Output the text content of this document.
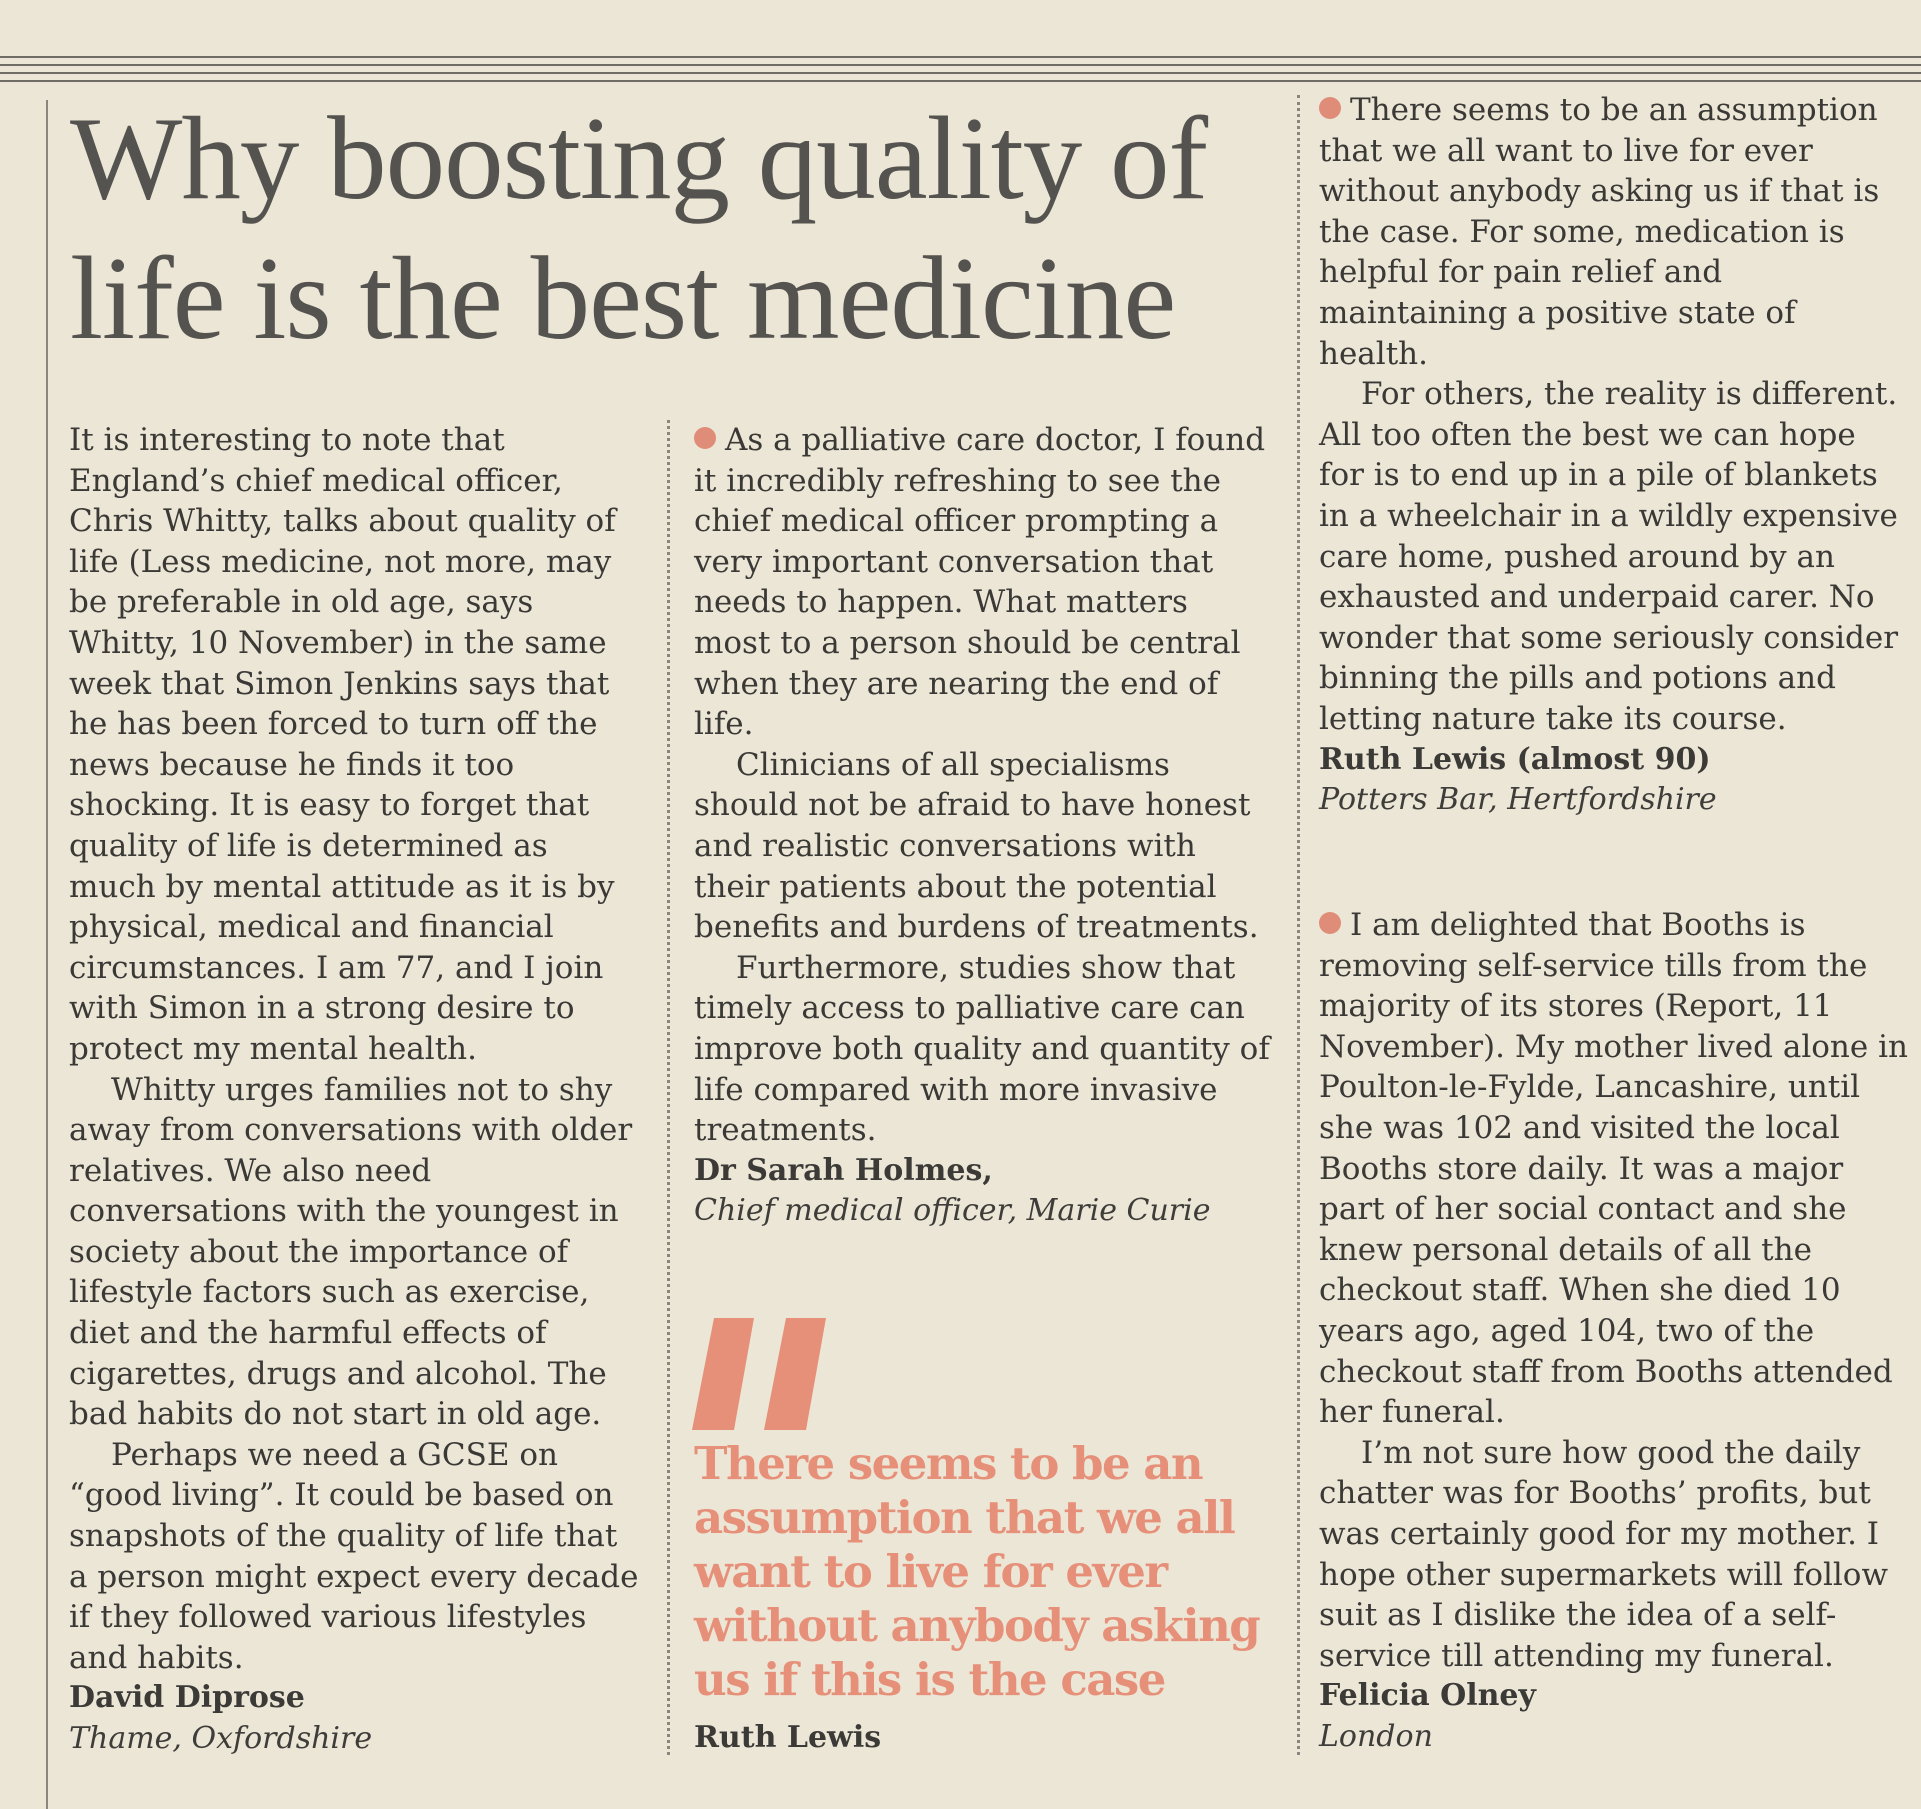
Why boosting quality of life is the best medicine

It is interesting to note that England’s chief medical officer, Chris Whitty, talks about quality of life (Less medicine, not more, may be preferable in old age, says Whitty, 10 November) in the same week that Simon Jenkins says that he has been forced to turn off the news because he finds it too shocking. It is easy to forget that quality of life is determined as much by mental attitude as it is by physical, medical and financial circumstances. I am 77, and I join with Simon in a strong desire to protect my mental health.

Whitty urges families not to shy away from conversations with older relatives. We also need conversations with the youngest in society about the importance of lifestyle factors such as exercise, diet and the harmful effects of cigarettes, drugs and alcohol. The bad habits do not start in old age.

Perhaps we need a GCSE on “good living”. It could be based on snapshots of the quality of life that a person might expect every decade if they followed various lifestyles and habits.

David Diprose
Thame, Oxfordshire

As a palliative care doctor, I found it incredibly refreshing to see the chief medical officer prompting a very important conversation that needs to happen. What matters most to a person should be central when they are nearing the end of life.

Clinicians of all specialisms should not be afraid to have honest and realistic conversations with their patients about the potential benefits and burdens of treatments.

Furthermore, studies show that timely access to palliative care can improve both quality and quantity of life compared with more invasive treatments.

Dr Sarah Holmes,
Chief medical officer, Marie Curie

There seems to be an assumption that we all want to live for ever without anybody asking us if this is the case

Ruth Lewis

There seems to be an assumption that we all want to live for ever without anybody asking us if that is the case. For some, medication is helpful for pain relief and maintaining a positive state of health.

For others, the reality is different. All too often the best we can hope for is to end up in a pile of blankets in a wheelchair in a wildly expensive care home, pushed around by an exhausted and underpaid carer. No wonder that some seriously consider binning the pills and potions and letting nature take its course.

Ruth Lewis (almost 90)
Potters Bar, Hertfordshire

I am delighted that Booths is removing self-service tills from the majority of its stores (Report, 11 November). My mother lived alone in Poulton-le-Fylde, Lancashire, until she was 102 and visited the local Booths store daily. It was a major part of her social contact and she knew personal details of all the checkout staff. When she died 10 years ago, aged 104, two of the checkout staff from Booths attended her funeral.

I’m not sure how good the daily chatter was for Booths’ profits, but was certainly good for my mother. I hope other supermarkets will follow suit as I dislike the idea of a self-service till attending my funeral.

Felicia Olney
London
